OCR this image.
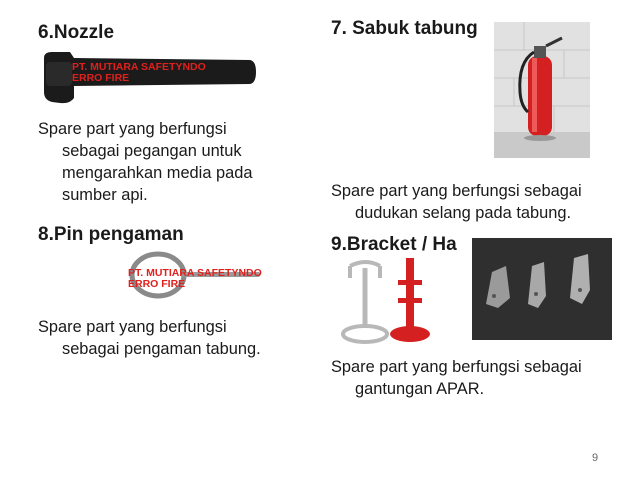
6.Nozzle
PT. MUTIARA SAFETYNDO
ERRO FIRE
Spare part yang berfungsi
sebagai pegangan untuk mengarahkan media pada sumber api.
8.Pin pengaman
PT. MUTIARA SAFETYNDO
ERRO FIRE
Spare part yang berfungsi
sebagai pengaman tabung.
7. Sabuk tabung
Spare part yang berfungsi sebagai
dudukan selang pada tabung.
9.Bracket / Ha
Spare part yang berfungsi sebagai
gantungan APAR.
9
